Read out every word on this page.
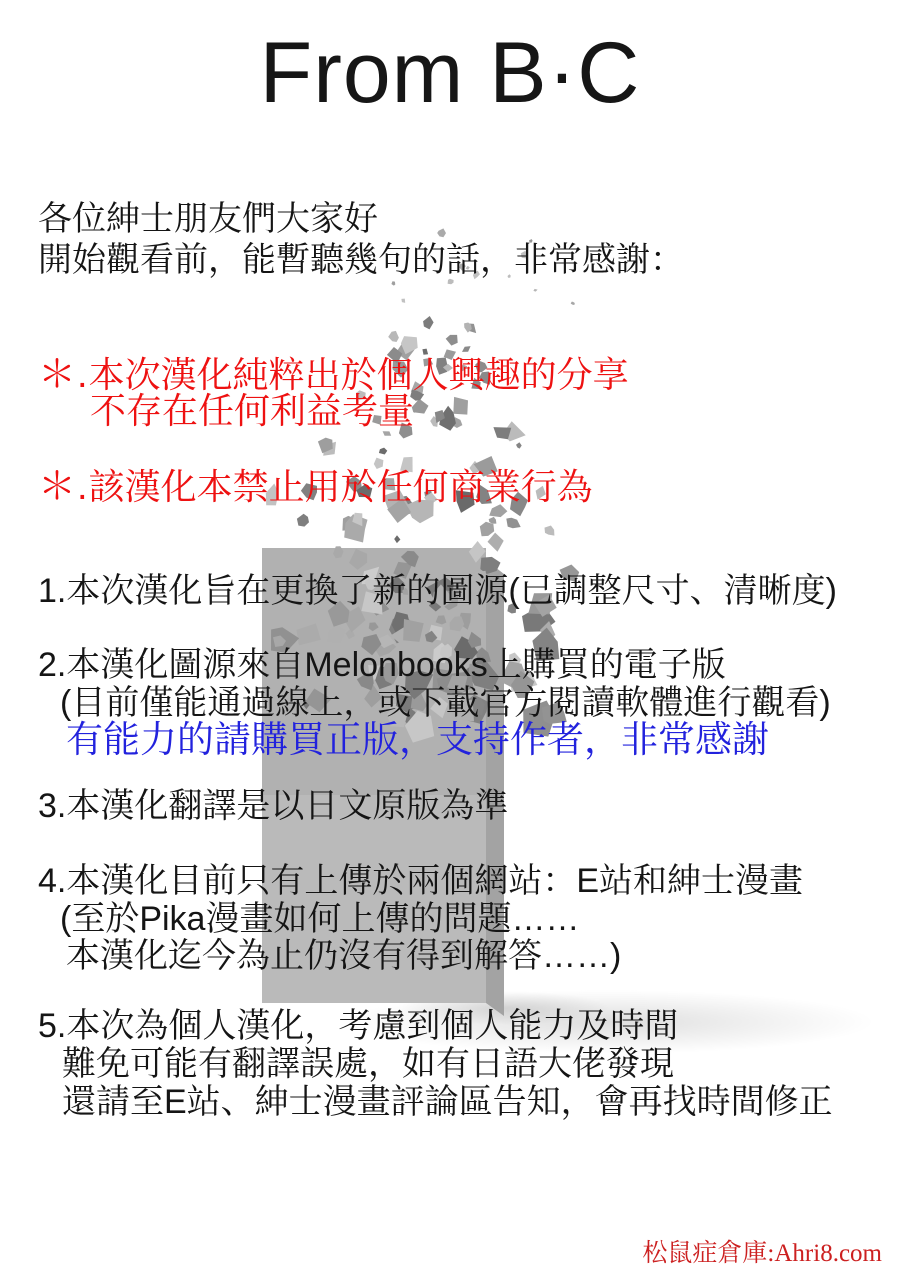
From B·C
各位紳士朋友們大家好
開始觀看前，能暫聽幾句的話，非常感謝：
＊.本次漢化純粹出於個人興趣的分享
不存在任何利益考量
＊.該漢化本禁止用於任何商業行為
1.本次漢化旨在更換了新的圖源(已調整尺寸、清晰度)
2.本漢化圖源來自Melonbooks上購買的電子版
(目前僅能通過線上，或下載官方閱讀軟體進行觀看)
有能力的請購買正版，支持作者，非常感謝
3.本漢化翻譯是以日文原版為準
4.本漢化目前只有上傳於兩個網站：E站和紳士漫畫
(至於Pika漫畫如何上傳的問題……
本漢化迄今為止仍沒有得到解答……)
5.本次為個人漢化，考慮到個人能力及時間
難免可能有翻譯誤處，如有日語大佬發現
還請至E站、紳士漫畫評論區告知，會再找時間修正
松鼠症倉庫:Ahri8.com
